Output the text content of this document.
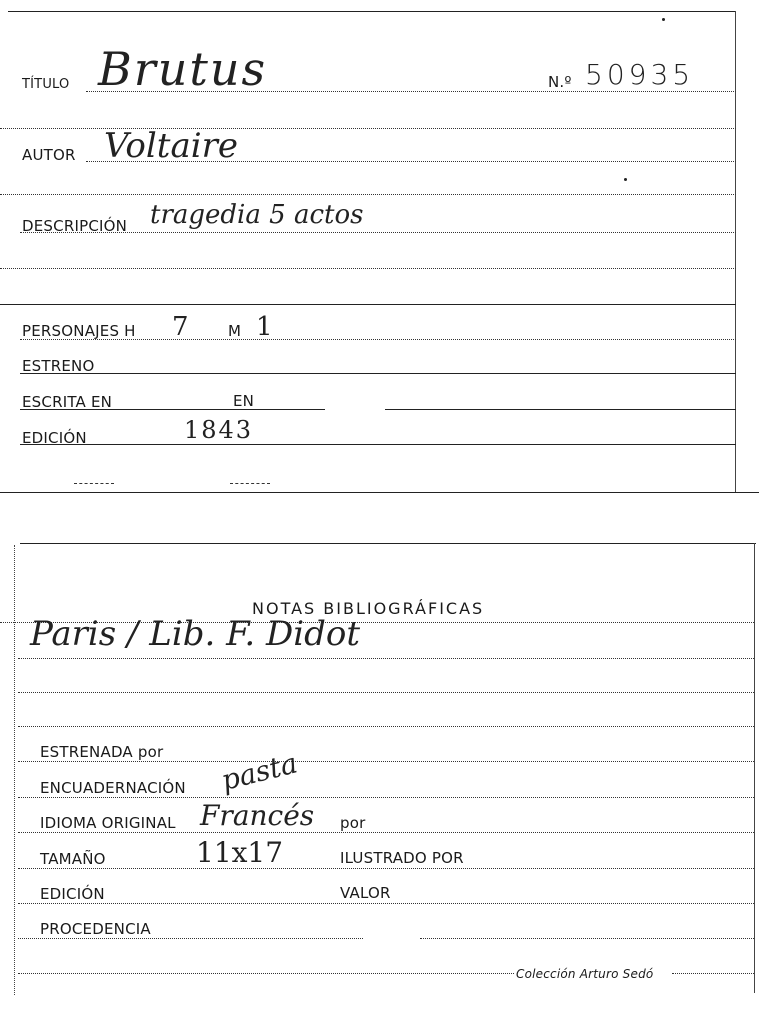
TÍTULO Brutus	N.º 50935
AUTOR Voltaire
DESCRIPCIÓN tragedia 5 actos
PERSONAJES H 7	M 1
ESTRENO
ESCRITA EN	EN
EDICIÓN	1843
NOTAS BIBLIOGRÁFICAS
Paris / Lib. F. Didot
ESTRENADA por
ENCUADERNACIÓN pasta
IDIOMA ORIGINAL Francés por
TAMAÑO	11x17	ILUSTRADO POR
EDICIÓN	VALOR
PROCEDENCIA
Colección Arturo Sedó
